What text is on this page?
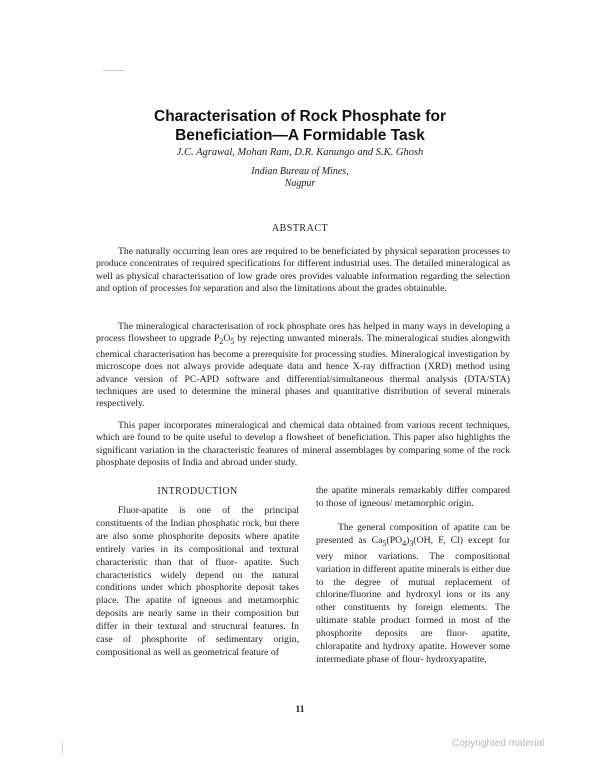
Characterisation of Rock Phosphate for
Beneficiation—A Formidable Task
J.C. Agrawal, Mohan Ram, D.R. Kanungo and S.K. Ghosh
Indian Bureau of Mines,
Nagpur
ABSTRACT

The naturally occurring lean ores are required to be beneficiated by physical separation processes to produce concentrates of required specifications for different industrial uses. The detailed mineralogical as well as physical characterisation of low grade ores provides valuable information regarding the selection and option of processes for separation and also the limitations about the grades obtainable.

The mineralogical characterisation of rock phosphate ores has helped in many ways in developing a process flowsheet to upgrade $P_2O_5$ by rejecting unwanted minerals. The mineralogical studies alongwith chemical characterisation has become a prerequisite for processing studies. Mineralogical investigation by microscope does not always provide adequate data and hence X-ray diffraction (XRD) method using advance version of PC-APD software and differential/simultaneous thermal analysis (DTA/STA) techniques are used to determine the mineral phases and quantitative distribution of several minerals respectively.

This paper incorporates mineralogical and chemical data obtained from various recent techniques, which are found to be quite useful to develop a flowsheet of beneficiation. This paper also highlights the significant variation in the characteristic features of mineral assemblages by comparing some of the rock phosphate deposits of India and abroad under study.

INTRODUCTION

Fluor-apatite is one of the principal constituents of the Indian phosphatic rock, but there are also some phosphorite deposits where apatite entirely varies in its compositional and textural characteristic than that of fluor- apatite. Such characteristics widely depend on the natural conditions under which phosphorite deposit takes place. The apatite of igneous and metamorphic deposits are nearly same in their composition but differ in their textural and structural features. In case of phosphorite of sedimentary origin, compositional as well as geometrical feature of

the apatite minerals remarkably differ compared to those of igneous/ metamorphic origin.

The general composition of apatite can be presented as $Ca_5(PO_4)_3(OH$, F, Cl) except for very minor variations. The compositional variation in different apatite minerals is either due to the degree of mutual replacement of chlorine/fluorine and hydroxyl ions or its any other constituents by foreign elements. The ultimate stable product formed in most of the phosphorite deposits are fluor- apatite, chlorapatite and hydroxy apatite. However some intermediate phase of flour- hydroxyapatite,

11
Copyrighted material
